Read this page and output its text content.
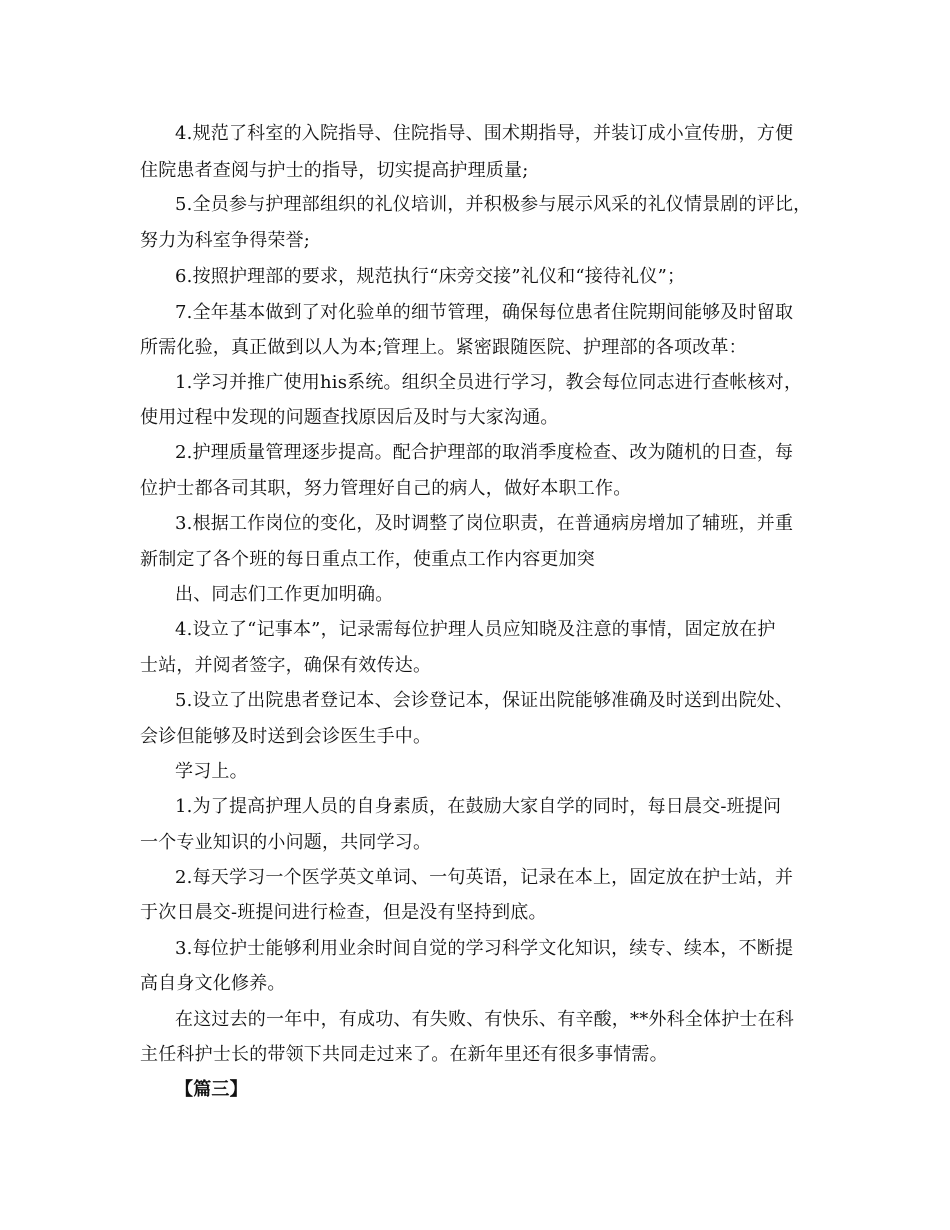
4.规范了科室的入院指导、住院指导、围术期指导，并装订成小宣传册，方便
住院患者查阅与护士的指导，切实提高护理质量;
5.全员参与护理部组织的礼仪培训，并积极参与展示风采的礼仪情景剧的评比，
努力为科室争得荣誉;
6.按照护理部的要求，规范执行“床旁交接”礼仪和“接待礼仪”；
7.全年基本做到了对化验单的细节管理，确保每位患者住院期间能够及时留取
所需化验，真正做到以人为本;管理上。紧密跟随医院、护理部的各项改革：
1.学习并推广使用his系统。组织全员进行学习，教会每位同志进行查帐核对，
使用过程中发现的问题查找原因后及时与大家沟通。
2.护理质量管理逐步提高。配合护理部的取消季度检查、改为随机的日查，每
位护士都各司其职，努力管理好自己的病人，做好本职工作。
3.根据工作岗位的变化，及时调整了岗位职责，在普通病房增加了辅班，并重
新制定了各个班的每日重点工作，使重点工作内容更加突
出、同志们工作更加明确。
4.设立了“记事本”，记录需每位护理人员应知晓及注意的事情，固定放在护
士站，并阅者签字，确保有效传达。
5.设立了出院患者登记本、会诊登记本，保证出院能够准确及时送到出院处、
会诊但能够及时送到会诊医生手中。
学习上。
1.为了提高护理人员的自身素质，在鼓励大家自学的同时，每日晨交-班提问
一个专业知识的小问题，共同学习。
2.每天学习一个医学英文单词、一句英语，记录在本上，固定放在护士站，并
于次日晨交-班提问进行检查，但是没有坚持到底。
3.每位护士能够利用业余时间自觉的学习科学文化知识，续专、续本，不断提
高自身文化修养。
在这过去的一年中，有成功、有失败、有快乐、有辛酸，**外科全体护士在科
主任科护士长的带领下共同走过来了。在新年里还有很多事情需。
【篇三】
